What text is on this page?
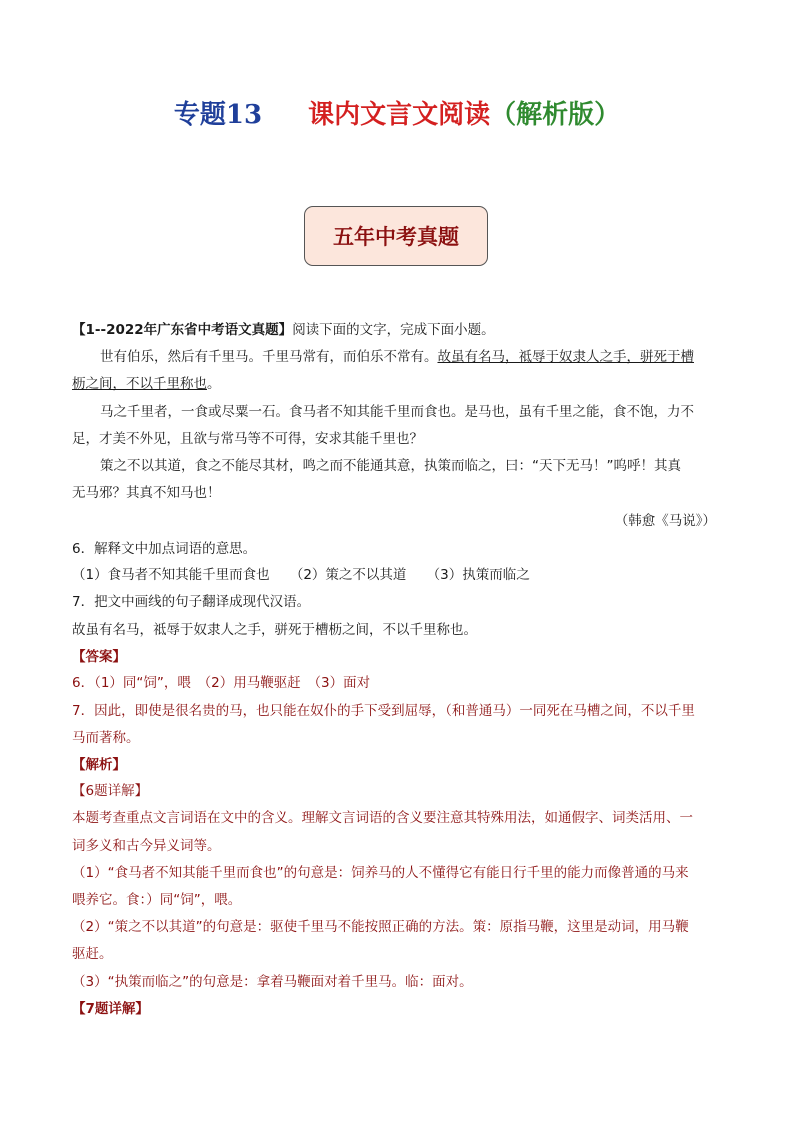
专题13 课内文言文阅读（解析版）
五年中考真题
【1--2022年广东省中考语文真题】阅读下面的文字，完成下面小题。
世有伯乐，然后有千里马。千里马常有，而伯乐不常有。故虽有名马，祗辱于奴隶人之手，骈死于槽
枥之间，不以千里称也。
马之千里者，一食或尽粟一石。食马者不知其能千里而食也。是马也，虽有千里之能，食不饱，力不
足，才美不外见，且欲与常马等不可得，安求其能千里也？
策之不以其道，食之不能尽其材，鸣之而不能通其意，执策而临之，曰：“天下无马！”呜呼！其真
无马邪？其真不知马也！
（韩愈《马说》）
6．解释文中加点词语的意思。
（1）食马者不知其能千里而食也　　（2）策之不以其道　　（3）执策而临之
7．把文中画线的句子翻译成现代汉语。
故虽有名马，祗辱于奴隶人之手，骈死于槽枥之间，不以千里称也。
【答案】
6．（1）同“饲”，喂　（2）用马鞭驱赶　（3）面对
7．因此，即使是很名贵的马，也只能在奴仆的手下受到屈辱，（和普通马）一同死在马槽之间，不以千里
马而著称。
【解析】
【6题详解】
本题考查重点文言词语在文中的含义。理解文言词语的含义要注意其特殊用法，如通假字、词类活用、一
词多义和古今异义词等。
（1）“食马者不知其能千里而食也”的句意是：饲养马的人不懂得它有能日行千里的能力而像普通的马来
喂养它。食：）同“饲”，喂。
（2）“策之不以其道”的句意是：驱使千里马不能按照正确的方法。策：原指马鞭，这里是动词，用马鞭
驱赶。
（3）“执策而临之”的句意是：拿着马鞭面对着千里马。临：面对。
【7题详解】
